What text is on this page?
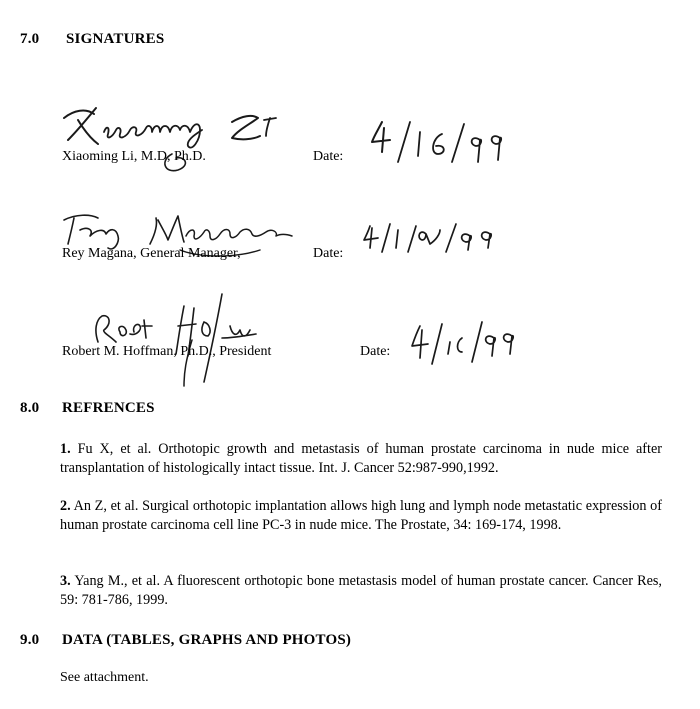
7.0 SIGNATURES
Xiaoming Li, M.D, Ph.D.	Date:
Rey Magana, General Manager,	Date:
Robert M. Hoffman, Ph.D., President	Date:
8.0 REFRENCES
1. Fu X, et al. Orthotopic growth and metastasis of human prostate carcinoma in nude mice after transplantation of histologically intact tissue. Int. J. Cancer 52:987-990,1992.
2. An Z, et al. Surgical orthotopic implantation allows high lung and lymph node metastatic expression of human prostate carcinoma cell line PC-3 in nude mice. The Prostate, 34: 169-174, 1998.
3. Yang M., et al. A fluorescent orthotopic bone metastasis model of human prostate cancer. Cancer Res, 59: 781-786, 1999.
9.0 DATA (TABLES, GRAPHS AND PHOTOS)
See attachment.
